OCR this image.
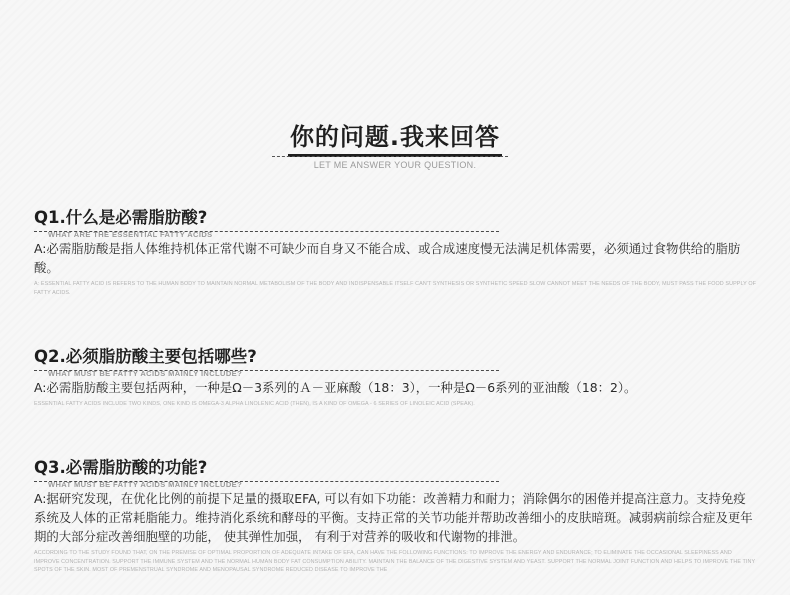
你的问题.我来回答
LET ME ANSWER YOUR QUESTION.
Q1.什么是必需脂肪酸?
WHAT ARE THE ESSENTIAL FATTY ACIDS
A:必需脂肪酸是指人体维持机体正常代谢不可缺少而自身又不能合成、或合成速度慢无法满足机体需要，必须通过食物供给的脂肪酸。
A: ESSENTIAL FATTY ACID IS REFERS TO THE HUMAN BODY TO MAINTAIN NORMAL METABOLISM OF THE BODY AND INDISPENSABLE ITSELF CAN'T SYNTHESIS OR SYNTHETIC SPEED SLOW CANNOT MEET THE NEEDS OF THE BODY, MUST PASS THE FOOD SUPPLY OF FATTY ACIDS.
Q2.必须脂肪酸主要包括哪些?
WHAT MUST BE FATTY ACIDS MAINLY INCLUDE?
A:必需脂肪酸主要包括两种，一种是Ω－3系列的Ａ－亚麻酸（18：3），一种是Ω－6系列的亚油酸（18：2）。
ESSENTIAL FATTY ACIDS INCLUDE TWO KINDS, ONE KIND IS OMEGA-3 ALPHA LINOLENIC ACID (THEN), IS A KIND OF OMEGA - 6 SERIES OF LINOLEIC ACID (SPEAK).
Q3.必需脂肪酸的功能?
WHAT MUST BE FATTY ACIDS MAINLY INCLUDE?
A:据研究发现，在优化比例的前提下足量的摄取EFA, 可以有如下功能：改善精力和耐力；消除偶尔的困倦并提高注意力。支持免疫系统及人体的正常耗脂能力。维持消化系统和酵母的平衡。支持正常的关节功能并帮助改善细小的皮肤暗斑。减弱病前综合症及更年期的大部分症改善细胞壁的功能， 使其弹性加强， 有利于对营养的吸收和代谢物的排泄。
ACCORDING TO THE STUDY FOUND THAT, ON THE PREMISE OF OPTIMAL PROPORTION OF ADEQUATE INTAKE OF EFA, CAN HAVE THE FOLLOWING FUNCTIONS: TO IMPROVE THE ENERGY AND ENDURANCE; TO ELIMINATE THE OCCASIONAL SLEEPINESS AND IMPROVE CONCENTRATION. SUPPORT THE IMMUNE SYSTEM AND THE NORMAL HUMAN BODY FAT CONSUMPTION ABILITY. MAINTAIN THE BALANCE OF THE DIGESTIVE SYSTEM AND YEAST. SUPPORT THE NORMAL JOINT FUNCTION AND HELPS TO IMPROVE THE TINY SPOTS OF THE SKIN. MOST OF PREMENSTRUAL SYNDROME AND MENOPAUSAL SYNDROME REDUCED DISEASE TO IMPROVE THE
